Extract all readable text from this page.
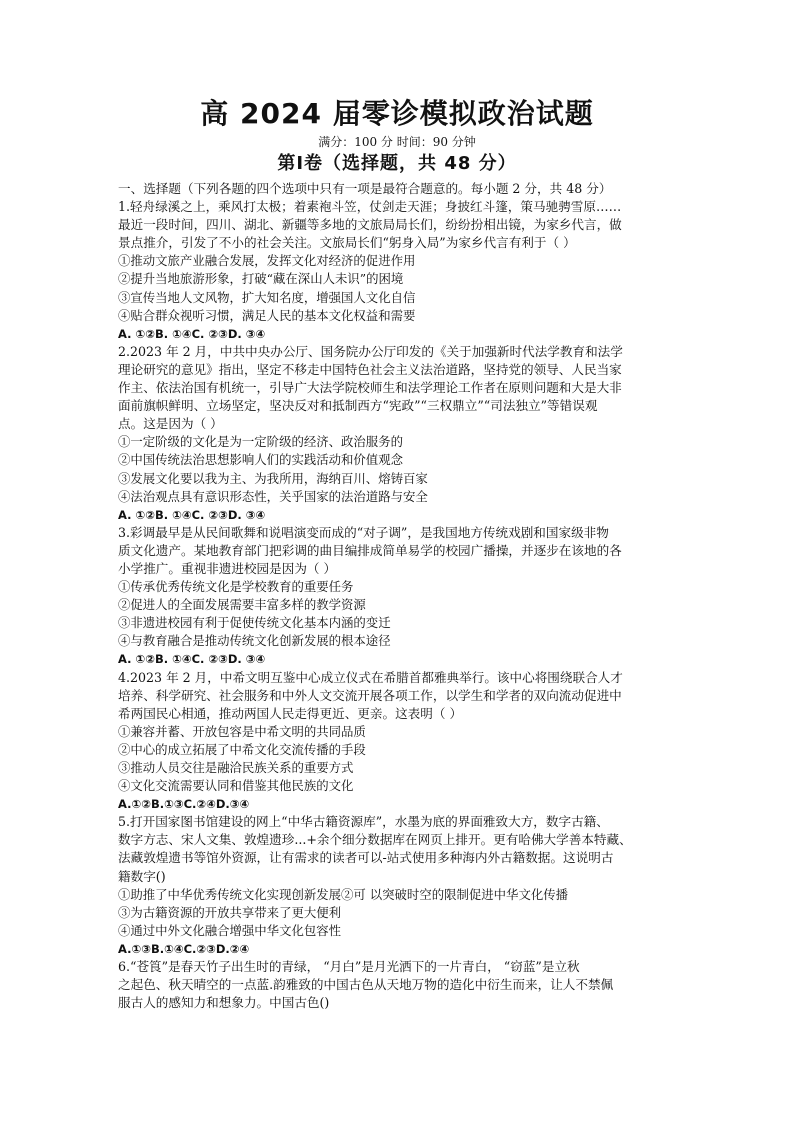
高 2024 届零诊模拟政治试题
满分：100 分 时间：90 分钟
第Ⅰ卷（选择题，共 48 分）
一、选择题（下列各题的四个选项中只有一项是最符合题意的。每小题 2 分，共 48 分）
1.轻舟绿溪之上，乘风打太极；着素袍斗笠，仗剑走天涯；身披红斗篷，策马驰骋雪原……
最近一段时间，四川、湖北、新疆等多地的文旅局局长们，纷纷扮相出镜，为家乡代言，做
景点推介，引发了不小的社会关注。文旅局长们“躬身入局”为家乡代言有利于（ ）
①推动文旅产业融合发展，发挥文化对经济的促进作用
②提升当地旅游形象，打破“藏在深山人未识”的困境
③宣传当地人文风物，扩大知名度，增强国人文化自信
④贴合群众视听习惯，满足人民的基本文化权益和需要
A. ①②B. ①④C. ②③D. ③④
2.2023 年 2 月，中共中央办公厅、国务院办公厅印发的《关于加强新时代法学教育和法学
理论研究的意见》指出，坚定不移走中国特色社会主义法治道路，坚持党的领导、人民当家
作主、依法治国有机统一，引导广大法学院校师生和法学理论工作者在原则问题和大是大非
面前旗帜鲜明、立场坚定，坚决反对和抵制西方“宪政”“三权鼎立”“司法独立”等错误观
点。这是因为（ ）
①一定阶级的文化是为一定阶级的经济、政治服务的
②中国传统法治思想影响人们的实践活动和价值观念
③发展文化要以我为主、为我所用，海纳百川、熔铸百家
④法治观点具有意识形态性，关乎国家的法治道路与安全
A. ①②B. ①④C. ②③D. ③④
3.彩调最早是从民间歌舞和说唱演变而成的“对子调”，是我国地方传统戏剧和国家级非物
质文化遗产。某地教育部门把彩调的曲目编排成简单易学的校园广播操，并逐步在该地的各
小学推广。重视非遗进校园是因为（ ）
①传承优秀传统文化是学校教育的重要任务
②促进人的全面发展需要丰富多样的教学资源
③非遗进校园有利于促使传统文化基本内涵的变迁
④与教育融合是推动传统文化创新发展的根本途径
A. ①②B. ①④C. ②③D. ③④
4.2023 年 2 月，中希文明互鉴中心成立仪式在希腊首都雅典举行。该中心将围绕联合人才
培养、科学研究、社会服务和中外人文交流开展各项工作，以学生和学者的双向流动促进中
希两国民心相通，推动两国人民走得更近、更亲。这表明（ ）
①兼容并蓄、开放包容是中希文明的共同品质
②中心的成立拓展了中希文化交流传播的手段
③推动人员交往是融洽民族关系的重要方式
④文化交流需要认同和借鉴其他民族的文化
A.①②B.①③C.②④D.③④
5.打开国家图书馆建设的网上“中华古籍资源库”，水墨为底的界面雅致大方，数字古籍、
数字方志、宋人文集、敦煌遗珍...+余个细分数据库在网页上排开。更有哈佛大学善本特藏、
法藏敦煌遗书等馆外资源，让有需求的读者可以-站式使用多种海内外古籍数据。这说明古
籍数字()
①助推了中华优秀传统文化实现创新发展②可 以突破时空的限制促进中华文化传播
③为古籍资源的开放共享带来了更大便利
④通过中外文化融合增强中华文化包容性
A.①③B.①④C.②③D.②④
6.“苍筤”是春天竹子出生时的青绿， “月白”是月光洒下的一片青白， “窃蓝”是立秋
之起色、秋天晴空的一点蓝.韵雅致的中国古色从天地万物的造化中衍生而来，让人不禁佩
服古人的感知力和想象力。中国古色()
